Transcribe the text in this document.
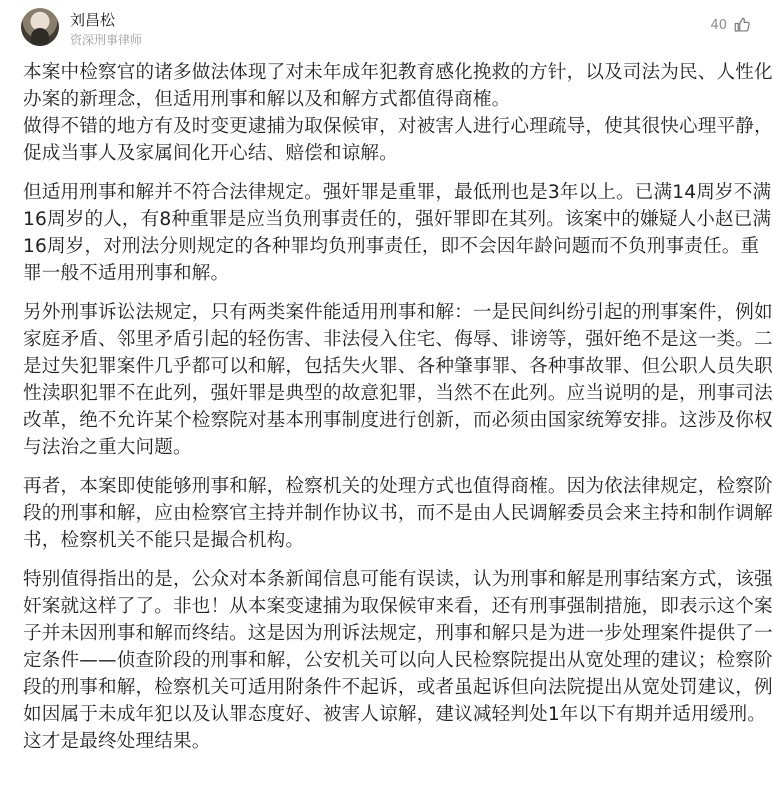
刘昌松
资深刑事律师
40
本案中检察官的诸多做法体现了对未年成年犯教育感化挽救的方针，以及司法为民、人性化
办案的新理念，但适用刑事和解以及和解方式都值得商榷。
做得不错的地方有及时变更逮捕为取保候审，对被害人进行心理疏导，使其很快心理平静，
促成当事人及家属间化开心结、赔偿和谅解。
但适用刑事和解并不符合法律规定。强奸罪是重罪，最低刑也是3年以上。已满14周岁不满
16周岁的人，有8种重罪是应当负刑事责任的，强奸罪即在其列。该案中的嫌疑人小赵已满
16周岁，对刑法分则规定的各种罪均负刑事责任，即不会因年龄问题而不负刑事责任。重
罪一般不适用刑事和解。
另外刑事诉讼法规定，只有两类案件能适用刑事和解：一是民间纠纷引起的刑事案件，例如
家庭矛盾、邻里矛盾引起的轻伤害、非法侵入住宅、侮辱、诽谤等，强奸绝不是这一类。二
是过失犯罪案件几乎都可以和解，包括失火罪、各种肇事罪、各种事故罪、但公职人员失职
性渎职犯罪不在此列，强奸罪是典型的故意犯罪，当然不在此列。应当说明的是，刑事司法
改革，绝不允许某个检察院对基本刑事制度进行创新，而必须由国家统筹安排。这涉及你权
与法治之重大问题。
再者，本案即使能够刑事和解，检察机关的处理方式也值得商榷。因为依法律规定，检察阶
段的刑事和解，应由检察官主持并制作协议书，而不是由人民调解委员会来主持和制作调解
书，检察机关不能只是撮合机构。
特别值得指出的是，公众对本条新闻信息可能有误读，认为刑事和解是刑事结案方式，该强
奸案就这样了了。非也！从本案变逮捕为取保候审来看，还有刑事强制措施，即表示这个案
子并未因刑事和解而终结。这是因为刑诉法规定，刑事和解只是为进一步处理案件提供了一
定条件——侦查阶段的刑事和解，公安机关可以向人民检察院提出从宽处理的建议；检察阶
段的刑事和解，检察机关可适用附条件不起诉，或者虽起诉但向法院提出从宽处罚建议，例
如因属于未成年犯以及认罪态度好、被害人谅解，建议减轻判处1年以下有期并适用缓刑。
这才是最终处理结果。
